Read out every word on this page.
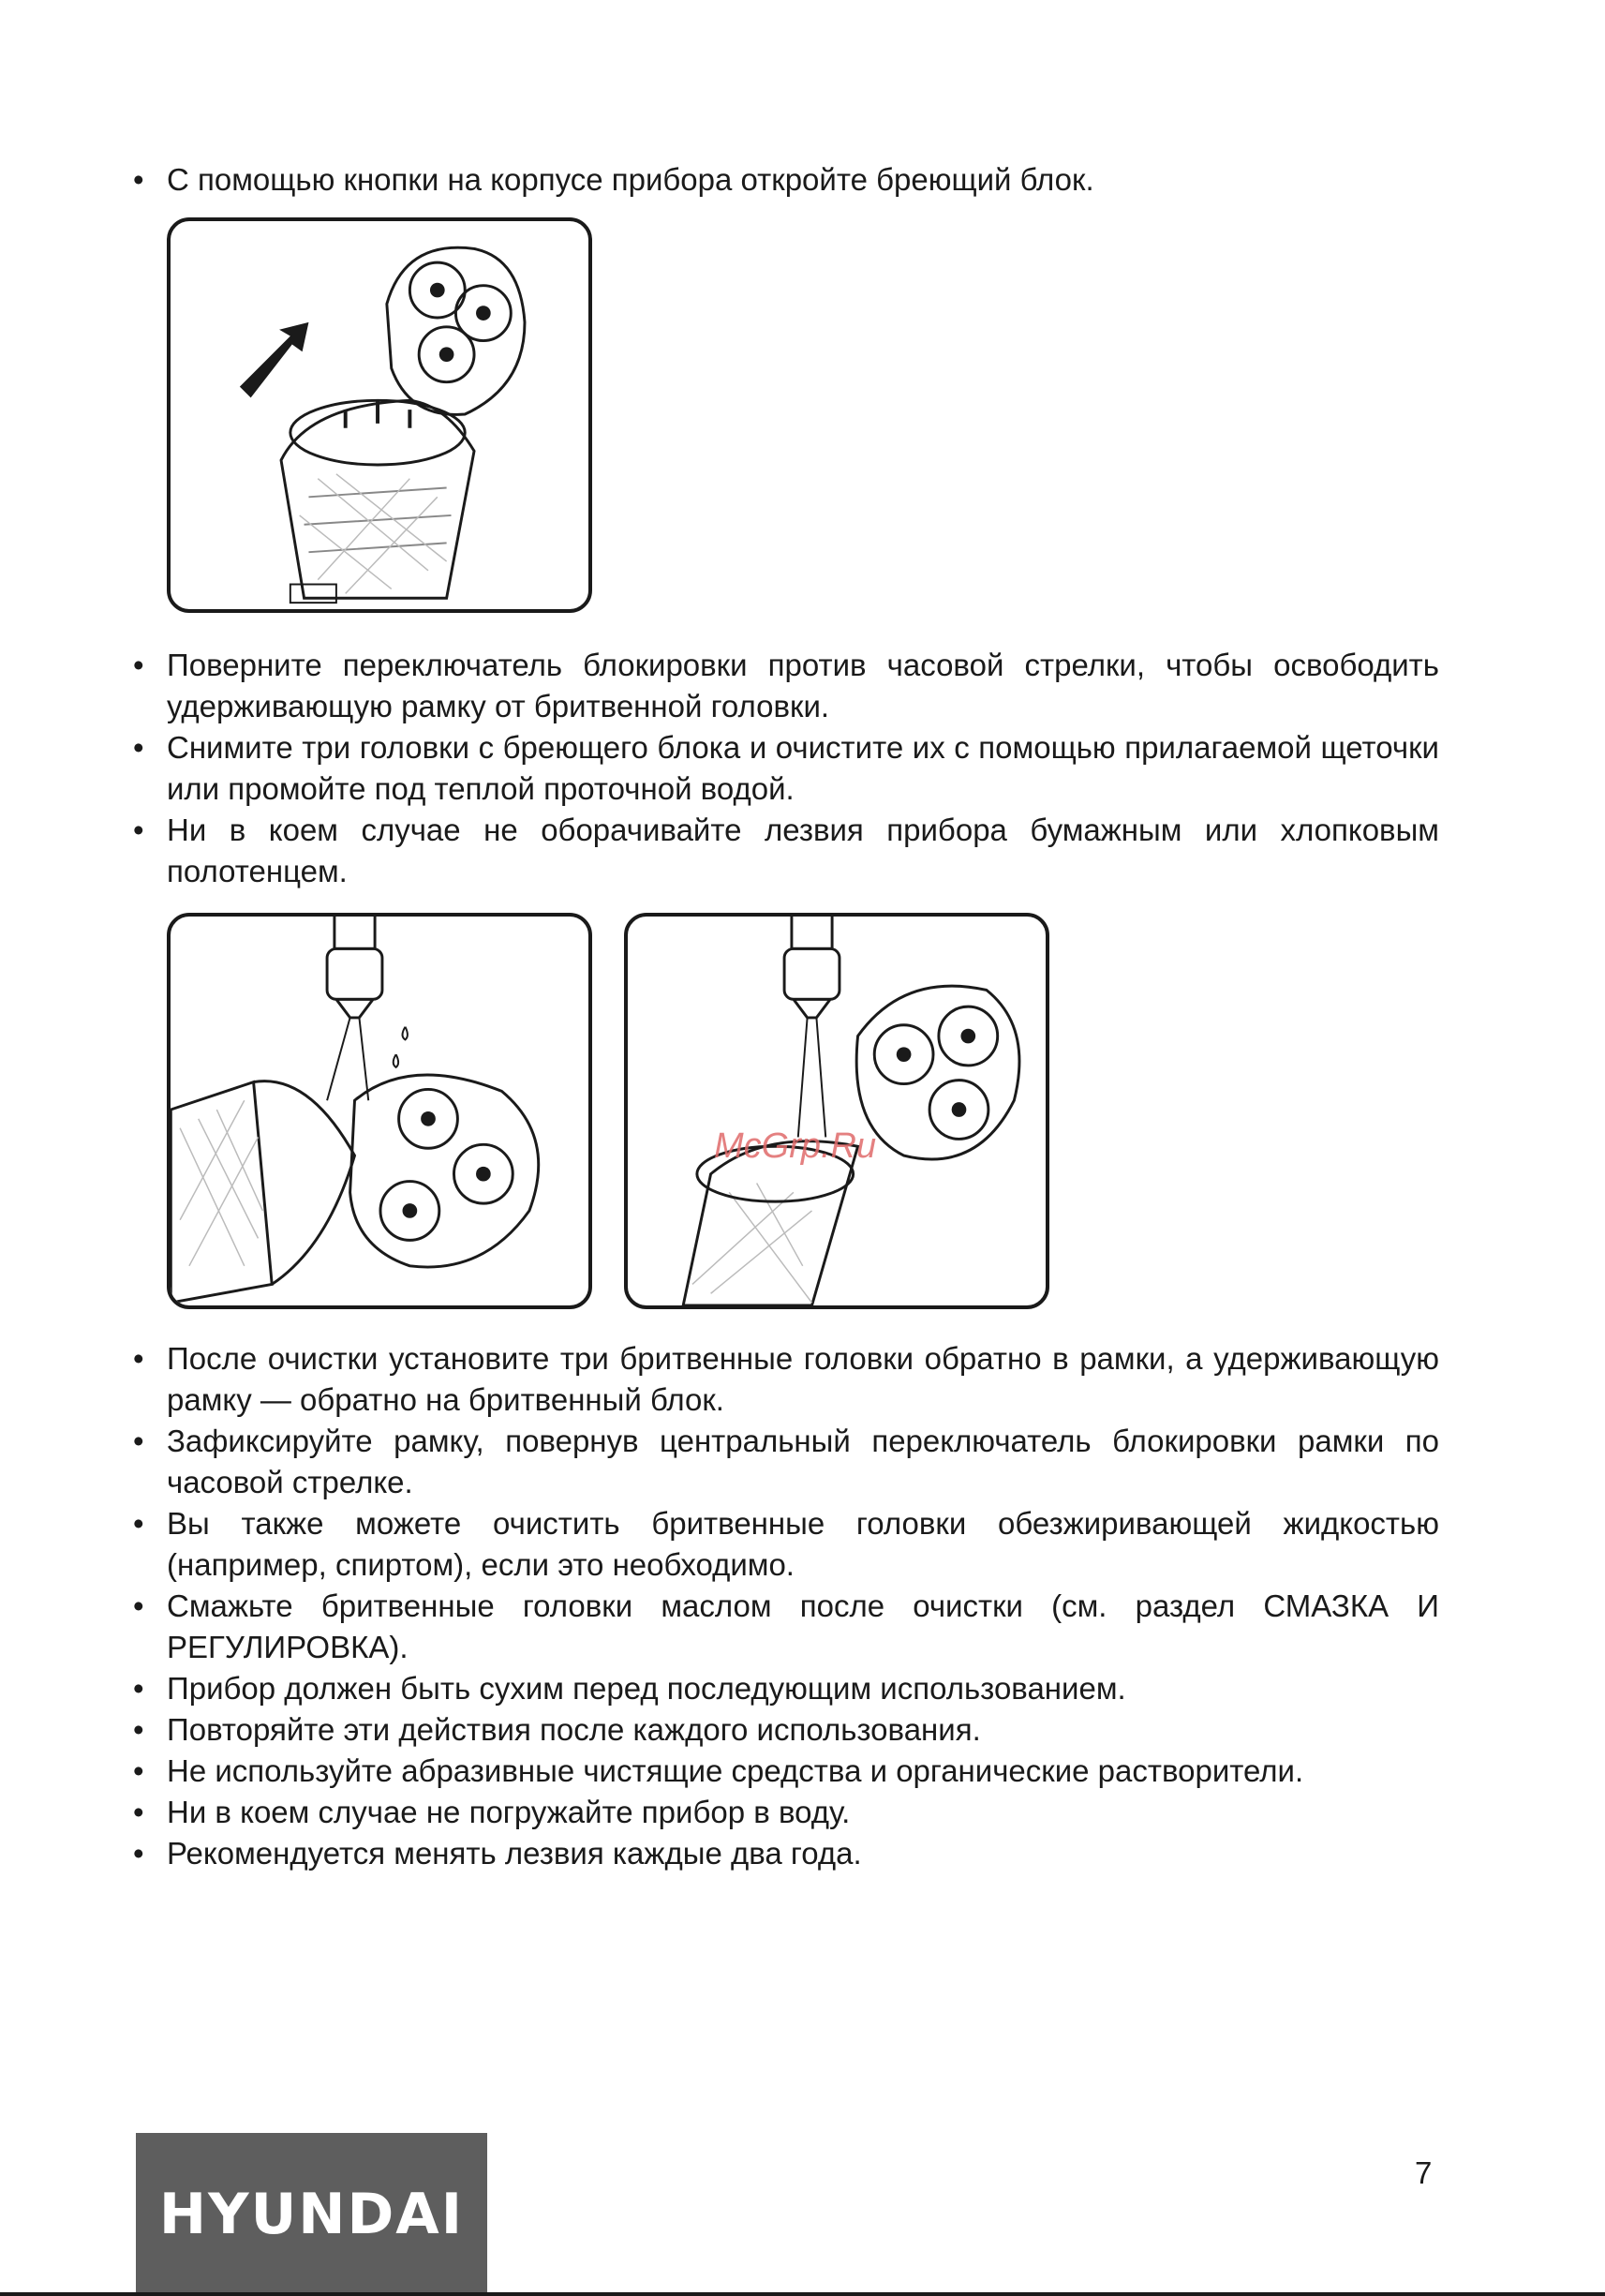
• С помощью кнопки на корпусе прибора откройте бреющий блок.
• Поверните переключатель блокировки против часовой стрелки, чтобы освободить удерживающую рамку от бритвенной головки.
• Снимите три головки с бреющего блока и очистите их с помощью прилагаемой щеточки или промойте под теплой проточной водой.
• Ни в коем случае не оборачивайте лезвия прибора бумажным или хлопковым полотенцем.
McGrp.Ru
• После очистки установите три бритвенные головки обратно в рамки, а удерживающую рамку — обратно на бритвенный блок.
• Зафиксируйте рамку, повернув центральный переключатель блокировки рамки по часовой стрелке.
• Вы также можете очистить бритвенные головки обезжиривающей жидкостью (например, спиртом), если это необходимо.
• Смажьте бритвенные головки маслом после очистки (см. раздел СМАЗКА И РЕГУЛИРОВКА).
• Прибор должен быть сухим перед последующим использованием.
• Повторяйте эти действия после каждого использования.
• Не используйте абразивные чистящие средства и органические растворители.
• Ни в коем случае не погружайте прибор в воду.
• Рекомендуется менять лезвия каждые два года.
HYUNDAI
7
